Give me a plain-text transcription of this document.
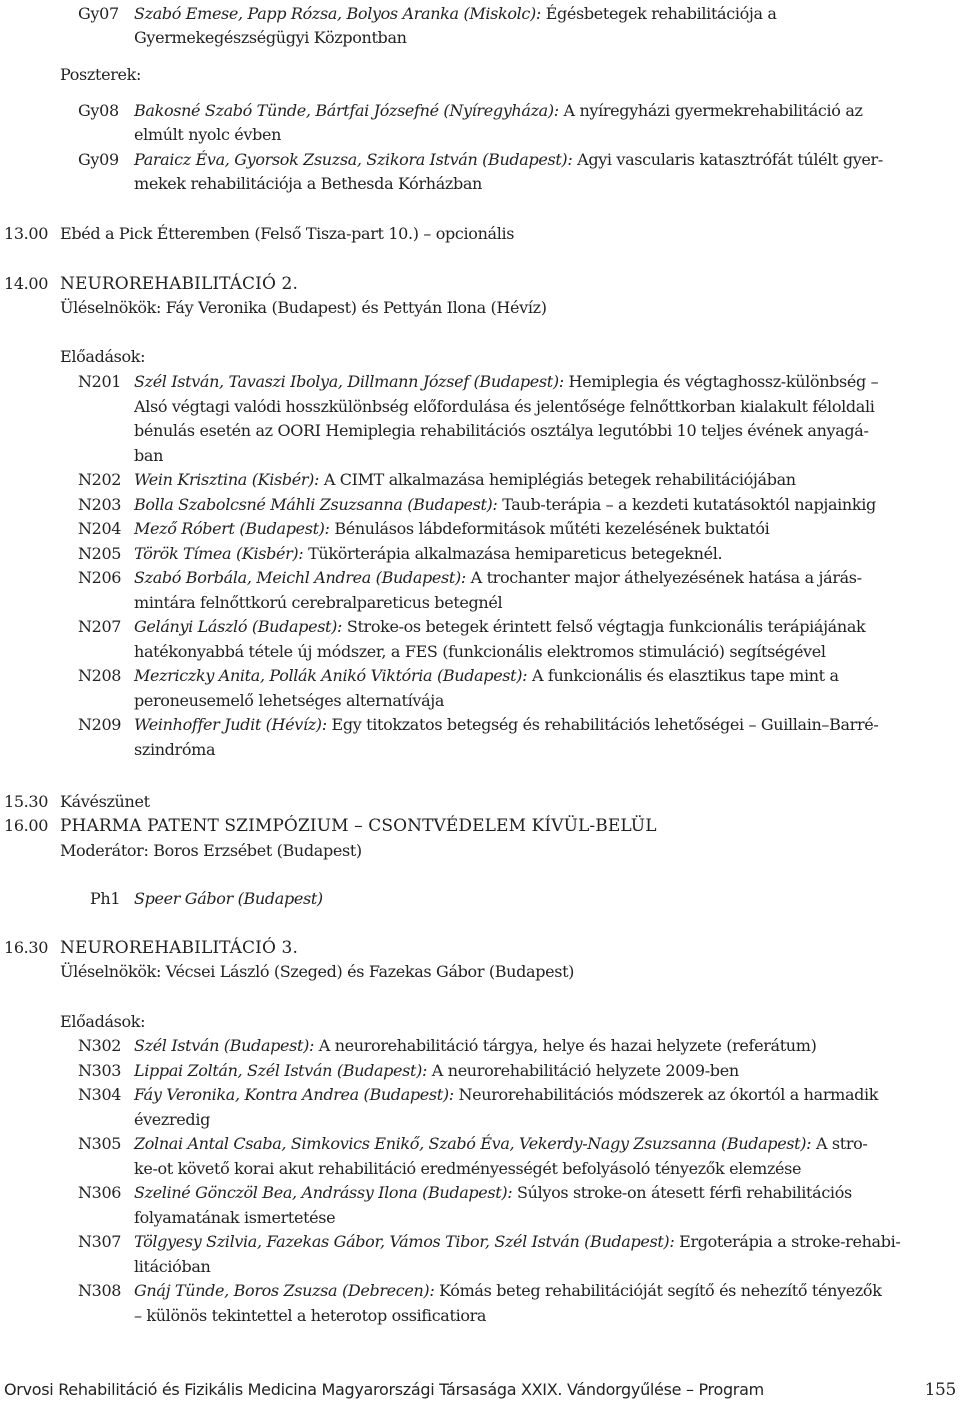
Gy07 Szabó Emese, Papp Rózsa, Bolyos Aranka (Miskolc): Égésbetegek rehabilitációja a
Gyermekegészségügyi Központban
Poszterek:
Gy08 Bakosné Szabó Tünde, Bártfai Józsefné (Nyíregyháza): A nyíregyházi gyermekrehabilitáció az
elmúlt nyolc évben
Gy09 Paraicz Éva, Gyorsok Zsuzsa, Szikora István (Budapest): Agyi vascularis katasztrófát túlélt gyer-
mekek rehabilitációja a Bethesda Kórházban
13.00 Ebéd a Pick Étteremben (Felső Tisza-part 10.) – opcionális
14.00 NEUROREHABILITÁCIÓ 2.
Üléselnökök: Fáy Veronika (Budapest) és Pettyán Ilona (Hévíz)
Előadások:
N201 Szél István, Tavaszi Ibolya, Dillmann József (Budapest): Hemiplegia és végtaghossz-különbség –
Alsó végtagi valódi hosszkülönbség előfordulása és jelentősége felnőttkorban kialakult féloldali
bénulás esetén az OORI Hemiplegia rehabilitációs osztálya legutóbbi 10 teljes évének anyagá-
ban
N202 Wein Krisztina (Kisbér): A CIMT alkalmazása hemiplégiás betegek rehabilitációjában
N203 Bolla Szabolcsné Máhli Zsuzsanna (Budapest): Taub-terápia – a kezdeti kutatásoktól napjainkig
N204 Mező Róbert (Budapest): Bénulásos lábdeformitások műtéti kezelésének buktatói
N205 Török Tímea (Kisbér): Tükörterápia alkalmazása hemipareticus betegeknél.
N206 Szabó Borbála, Meichl Andrea (Budapest): A trochanter major áthelyezésének hatása a járás-
mintára felnőttkorú cerebralpareticus betegnél
N207 Gelányi László (Budapest): Stroke-os betegek érintett felső végtagja funkcionális terápiájának
hatékonyabbá tétele új módszer, a FES (funkcionális elektromos stimuláció) segítségével
N208 Mezriczky Anita, Pollák Anikó Viktória (Budapest): A funkcionális és elasztikus tape mint a
peroneusemelő lehetséges alternatívája
N209 Weinhoffer Judit (Hévíz): Egy titokzatos betegség és rehabilitációs lehetőségei – Guillain–Barré-
szindróma
15.30 Kávészünet
16.00 PHARMA PATENT SZIMPÓZIUM – CSONTVÉDELEM KÍVÜL-BELÜL
Moderátor: Boros Erzsébet (Budapest)
Ph1 Speer Gábor (Budapest)
16.30 NEUROREHABILITÁCIÓ 3.
Üléselnökök: Vécsei László (Szeged) és Fazekas Gábor (Budapest)
Előadások:
N302 Szél István (Budapest): A neurorehabilitáció tárgya, helye és hazai helyzete (referátum)
N303 Lippai Zoltán, Szél István (Budapest): A neurorehabilitáció helyzete 2009-ben
N304 Fáy Veronika, Kontra Andrea (Budapest): Neurorehabilitációs módszerek az ókortól a harmadik
évezredig
N305 Zolnai Antal Csaba, Simkovics Enikő, Szabó Éva, Vekerdy-Nagy Zsuzsanna (Budapest): A stro-
ke-ot követő korai akut rehabilitáció eredményességét befolyásoló tényezők elemzése
N306 Szeliné Gönczöl Bea, Andrássy Ilona (Budapest): Súlyos stroke-on átesett férfi rehabilitációs
folyamatának ismertetése
N307 Tölgyesy Szilvia, Fazekas Gábor, Vámos Tibor, Szél István (Budapest): Ergoterápia a stroke-rehabi-
litációban
N308 Gnáj Tünde, Boros Zsuzsa (Debrecen): Kómás beteg rehabilitációját segítő és nehezítő tényezők
– különös tekintettel a heterotop ossificatiora
Orvosi Rehabilitáció és Fizikális Medicina Magyarországi Társasága XXIX. Vándorgyűlése – Program	155
